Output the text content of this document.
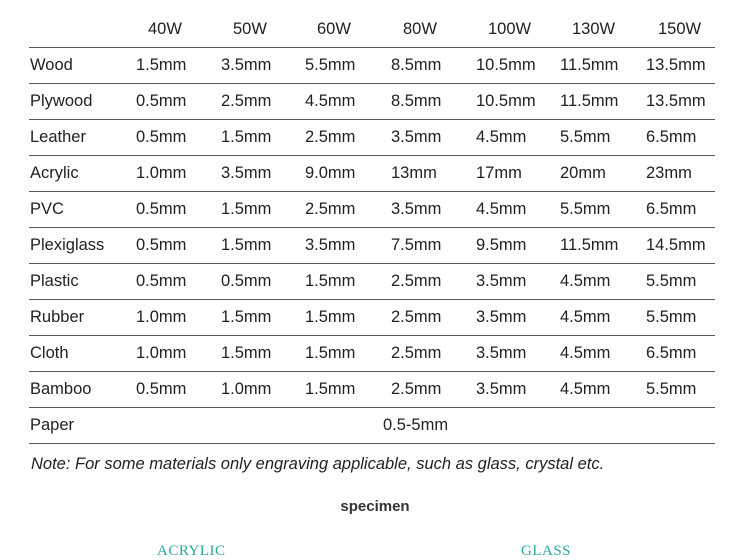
40W	50W	60W	80W	100W 130W	150W
Wood	1.5mm 3.5mm 5.5mm 8.5mm 10.5mm 11.5mm 13.5mm
Plywood	0.5mm 2.5mm 4.5mm 8.5mm 10.5mm 11.5mm 13.5mm
Leather	0.5mm 1.5mm 2.5mm 3.5mm 4.5mm 5.5mm 6.5mm
Acrylic	1.0mm 3.5mm 9.0mm 13mm 17mm 20mm 23mm
PVC	0.5mm 1.5mm 2.5mm 3.5mm 4.5mm 5.5mm 6.5mm
Plexiglass 0.5mm 1.5mm 3.5mm 7.5mm 9.5mm 11.5mm 14.5mm
Plastic	0.5mm 0.5mm 1.5mm 2.5mm 3.5mm 4.5mm 5.5mm
Rubber	1.0mm 1.5mm 1.5mm 2.5mm 3.5mm 4.5mm 5.5mm
Cloth	1.0mm 1.5mm 1.5mm 2.5mm 3.5mm 4.5mm 6.5mm
Bamboo	0.5mm 1.0mm 1.5mm 2.5mm 3.5mm 4.5mm 5.5mm
Paper	0.5-5mm
Note: For some materials only engraving applicable, such as glass, crystal etc.
specimen
ACRYLIC	GLASS
